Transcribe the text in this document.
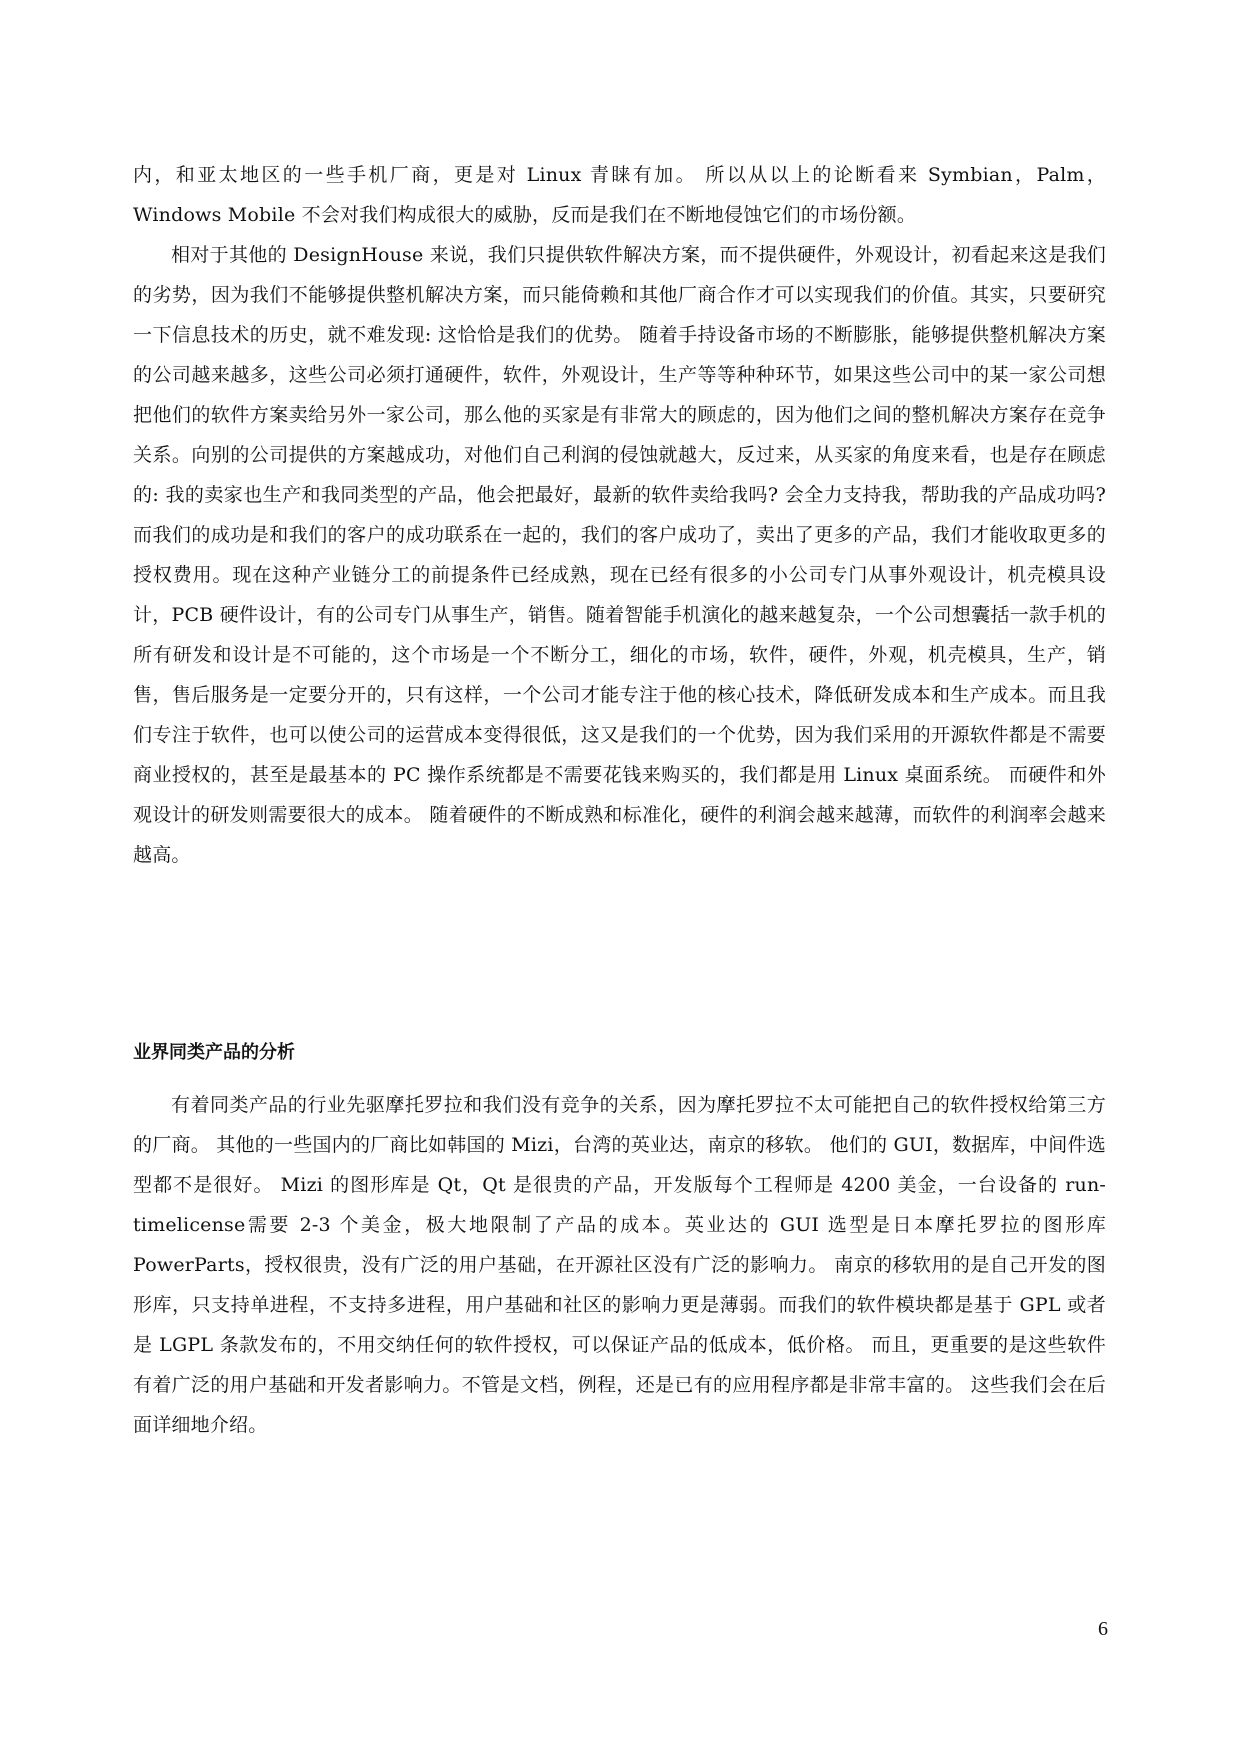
内，和亚太地区的一些手机厂商，更是对 Linux 青睐有加。 所以从以上的论断看来 Symbian，Palm，Windows Mobile 不会对我们构成很大的威胁，反而是我们在不断地侵蚀它们的市场份额。

相对于其他的 DesignHouse 来说，我们只提供软件解决方案，而不提供硬件，外观设计，初看起来这是我们的劣势，因为我们不能够提供整机解决方案，而只能倚赖和其他厂商合作才可以实现我们的价值。其实，只要研究一下信息技术的历史，就不难发现: 这恰恰是我们的优势。 随着手持设备市场的不断膨胀，能够提供整机解决方案的公司越来越多，这些公司必须打通硬件，软件，外观设计，生产等等种种环节，如果这些公司中的某一家公司想把他们的软件方案卖给另外一家公司，那么他的买家是有非常大的顾虑的，因为他们之间的整机解决方案存在竞争关系。向别的公司提供的方案越成功，对他们自己利润的侵蚀就越大，反过来，从买家的角度来看，也是存在顾虑的: 我的卖家也生产和我同类型的产品，他会把最好，最新的软件卖给我吗? 会全力支持我，帮助我的产品成功吗? 而我们的成功是和我们的客户的成功联系在一起的，我们的客户成功了，卖出了更多的产品，我们才能收取更多的授权费用。现在这种产业链分工的前提条件已经成熟，现在已经有很多的小公司专门从事外观设计，机壳模具设计，PCB 硬件设计，有的公司专门从事生产，销售。随着智能手机演化的越来越复杂，一个公司想囊括一款手机的所有研发和设计是不可能的，这个市场是一个不断分工，细化的市场，软件，硬件，外观，机壳模具，生产，销售，售后服务是一定要分开的，只有这样，一个公司才能专注于他的核心技术，降低研发成本和生产成本。而且我们专注于软件，也可以使公司的运营成本变得很低，这又是我们的一个优势，因为我们采用的开源软件都是不需要商业授权的，甚至是最基本的 PC 操作系统都是不需要花钱来购买的，我们都是用 Linux 桌面系统。 而硬件和外观设计的研发则需要很大的成本。 随着硬件的不断成熟和标准化，硬件的利润会越来越薄，而软件的利润率会越来越高。

业界同类产品的分析

有着同类产品的行业先驱摩托罗拉和我们没有竞争的关系，因为摩托罗拉不太可能把自己的软件授权给第三方的厂商。 其他的一些国内的厂商比如韩国的 Mizi，台湾的英业达，南京的移软。 他们的 GUI，数据库，中间件选型都不是很好。 Mizi 的图形库是 Qt，Qt 是很贵的产品，开发版每个工程师是 4200 美金，一台设备的 run-timelicense需要 2-3 个美金，极大地限制了产品的成本。英业达的 GUI 选型是日本摩托罗拉的图形库 PowerParts，授权很贵，没有广泛的用户基础，在开源社区没有广泛的影响力。 南京的移软用的是自己开发的图形库，只支持单进程，不支持多进程，用户基础和社区的影响力更是薄弱。而我们的软件模块都是基于 GPL 或者是 LGPL 条款发布的，不用交纳任何的软件授权，可以保证产品的低成本，低价格。 而且，更重要的是这些软件有着广泛的用户基础和开发者影响力。不管是文档，例程，还是已有的应用程序都是非常丰富的。 这些我们会在后面详细地介绍。

6
